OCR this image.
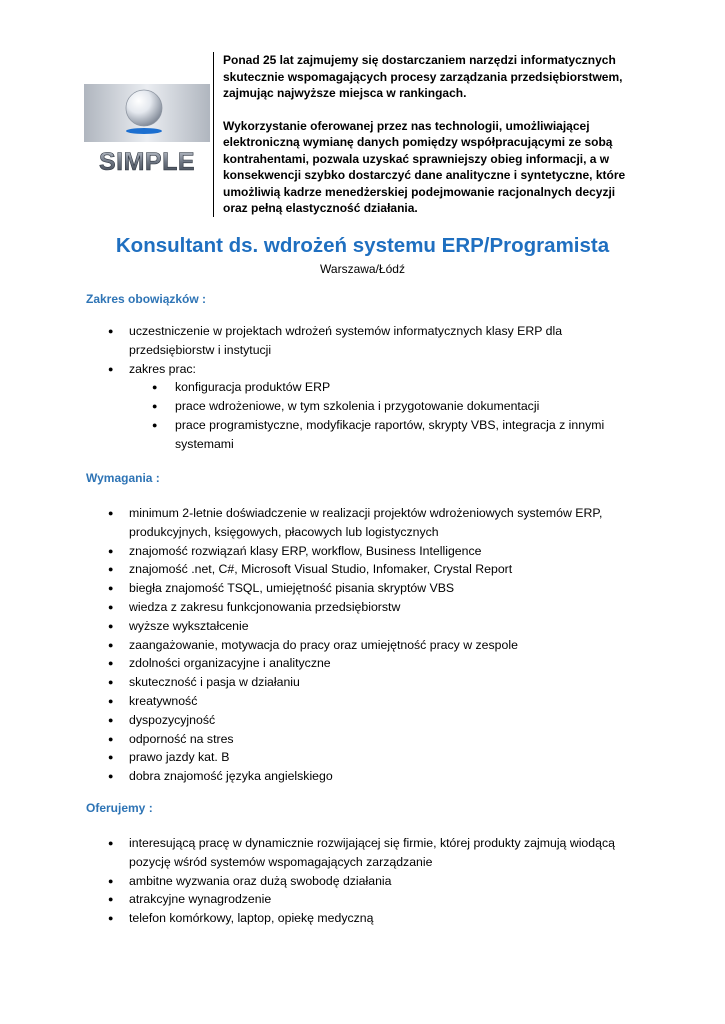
SIMPLE

Ponad 25 lat zajmujemy się dostarczaniem narzędzi informatycznych skutecznie wspomagających procesy zarządzania przedsiębiorstwem, zajmując najwyższe miejsca w rankingach.

Wykorzystanie oferowanej przez nas technologii, umożliwiającej elektroniczną wymianę danych pomiędzy współpracującymi ze sobą kontrahentami, pozwala uzyskać sprawniejszy obieg informacji, a w konsekwencji szybko dostarczyć dane analityczne i syntetyczne, które umożliwią kadrze menedżerskiej podejmowanie racjonalnych decyzji oraz pełną elastyczność działania.

Konsultant ds. wdrożeń systemu ERP/Programista
Warszawa/Łódź
Zakres obowiązków :
● uczestniczenie w projektach wdrożeń systemów informatycznych klasy ERP dla przedsiębiorstw i instytucji
● zakres prac:
● konfiguracja produktów ERP
● prace wdrożeniowe, w tym szkolenia i przygotowanie dokumentacji
● prace programistyczne, modyfikacje raportów, skrypty VBS, integracja z innymi systemami
Wymagania :
● minimum 2-letnie doświadczenie w realizacji projektów wdrożeniowych systemów ERP, produkcyjnych, księgowych, płacowych lub logistycznych
● znajomość rozwiązań klasy ERP, workflow, Business Intelligence
● znajomość .net, C#, Microsoft Visual Studio, Infomaker, Crystal Report
● biegła znajomość TSQL, umiejętność pisania skryptów VBS
● wiedza z zakresu funkcjonowania przedsiębiorstw
● wyższe wykształcenie
● zaangażowanie, motywacja do pracy oraz umiejętność pracy w zespole
● zdolności organizacyjne i analityczne
● skuteczność i pasja w działaniu
● kreatywność
● dyspozycyjność
● odporność na stres
● prawo jazdy kat. B
● dobra znajomość języka angielskiego
Oferujemy :
● interesującą pracę w dynamicznie rozwijającej się firmie, której produkty zajmują wiodącą pozycję wśród systemów wspomagających zarządzanie
● ambitne wyzwania oraz dużą swobodę działania
● atrakcyjne wynagrodzenie
● telefon komórkowy, laptop, opiekę medyczną
